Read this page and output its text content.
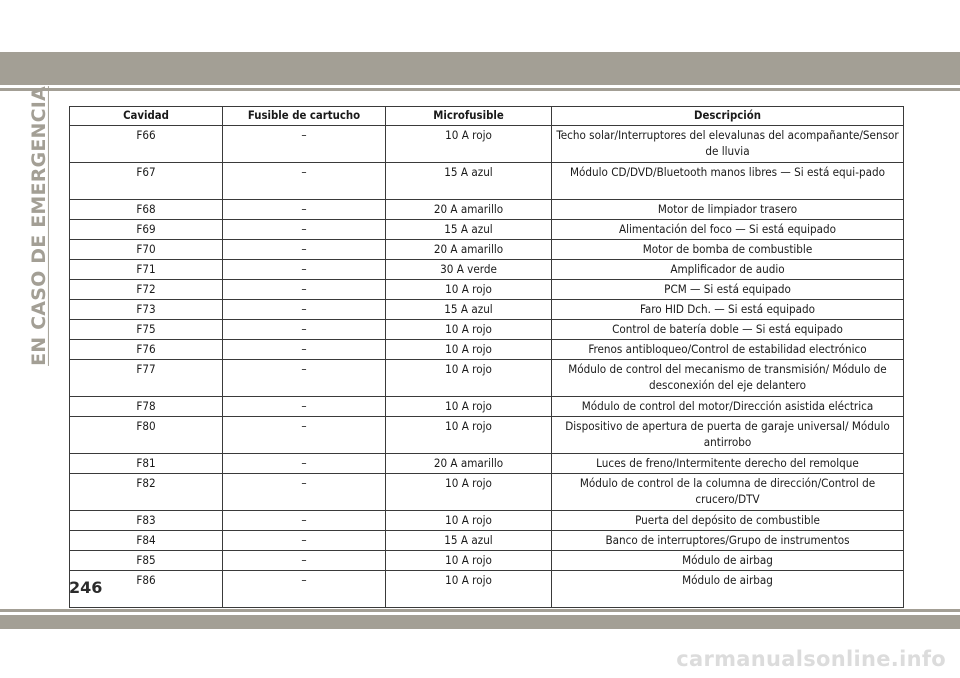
EN CASO DE EMERGENCIA	Cavidad	Fusible de cartucho	Microfusible	Descripción
F66	–	10 A rojo	Techo solar/Interruptores del elevalunas del acompañante/Sensor de lluvia
F67	–	15 A azul	Módulo CD/DVD/Bluetooth manos libres — Si está equi-pado
F68	–	20 A amarillo	Motor de limpiador trasero
F69	–	15 A azul	Alimentación del foco — Si está equipado
F70	–	20 A amarillo	Motor de bomba de combustible
F71	–	30 A verde	Amplificador de audio
F72	–	10 A rojo	PCM — Si está equipado
F73	–	15 A azul	Faro HID Dch. — Si está equipado
F75	–	10 A rojo	Control de batería doble — Si está equipado
F76	–	10 A rojo	Frenos antibloqueo/Control de estabilidad electrónico
F77	–	10 A rojo	Módulo de control del mecanismo de transmisión/ Módulo de desconexión del eje delantero
F78	–	10 A rojo	Módulo de control del motor/Dirección asistida eléctrica
F80	–	10 A rojo	Dispositivo de apertura de puerta de garaje universal/ Módulo antirrobo
F81	–	20 A amarillo	Luces de freno/Intermitente derecho del remolque
F82	–	10 A rojo	Módulo de control de la columna de dirección/Control de crucero/DTV
F83	–	10 A rojo	Puerta del depósito de combustible
F84	–	15 A azul	Banco de interruptores/Grupo de instrumentos
F85	–	10 A rojo	Módulo de airbag
F86	–	10 A rojo	Módulo de airbag
246
carmanualsonline.info
